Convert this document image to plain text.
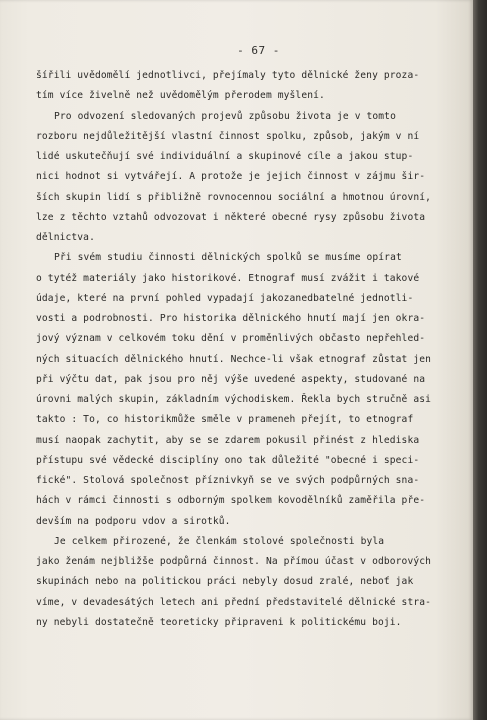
- 67 -
šířili uvědomělí jednotlivci, přejímaly tyto dělnické ženy proza-
tím více živelně než uvědomělým přerodem myšlení.
Pro odvození sledovaných projevů způsobu života je v tomto
rozboru nejdůležitější vlastní činnost spolku, způsob, jakým v ní
lidé uskutečňují své individuální a skupinové cíle a jakou stup-
nici hodnot si vytvářejí. A protože je jejich činnost v zájmu šir-
ších skupin lidí s přibližně rovnocennou sociální a hmotnou úrovní,
lze z těchto vztahů odvozovat i některé obecné rysy způsobu života
dělnictva.
Při svém studiu činnosti dělnických spolků se musíme opírat
o tytéž materiály jako historikové. Etnograf musí zvážit i takové
údaje, které na první pohled vypadají jakozanedbatelné jednotli-
vosti a podrobnosti. Pro historika dělnického hnutí mají jen okra-
jový význam v celkovém toku dění v proměnlivých občasto nepřehled-
ných situacích dělnického hnutí. Nechce-li však etnograf zůstat jen
při výčtu dat, pak jsou pro něj výše uvedené aspekty, studované na
úrovni malých skupin, základním východiskem. Řekla bych stručně asi
takto : To, co historikmůže směle v prameneh přejít, to etnograf
musí naopak zachytit, aby se se zdarem pokusil přinést z hlediska
přístupu své vědecké disciplíny ono tak důležité "obecné i speci-
fické". Stolová společnost příznivkyň se ve svých podpůrných sna-
hách v rámci činnosti s odborným spolkem kovodělníků zaměřila pře-
devším na podporu vdov a sirotků.
Je celkem přirozené, že členkám stolové společnosti byla
jako ženám nejbližše podpůrná činnost. Na přímou účast v odborových
skupinách nebo na politickou práci nebyly dosud zralé, neboť jak
víme, v devadesátých letech ani přední představitelé dělnické stra-
ny nebyli dostatečně teoreticky připraveni k politickému boji.
